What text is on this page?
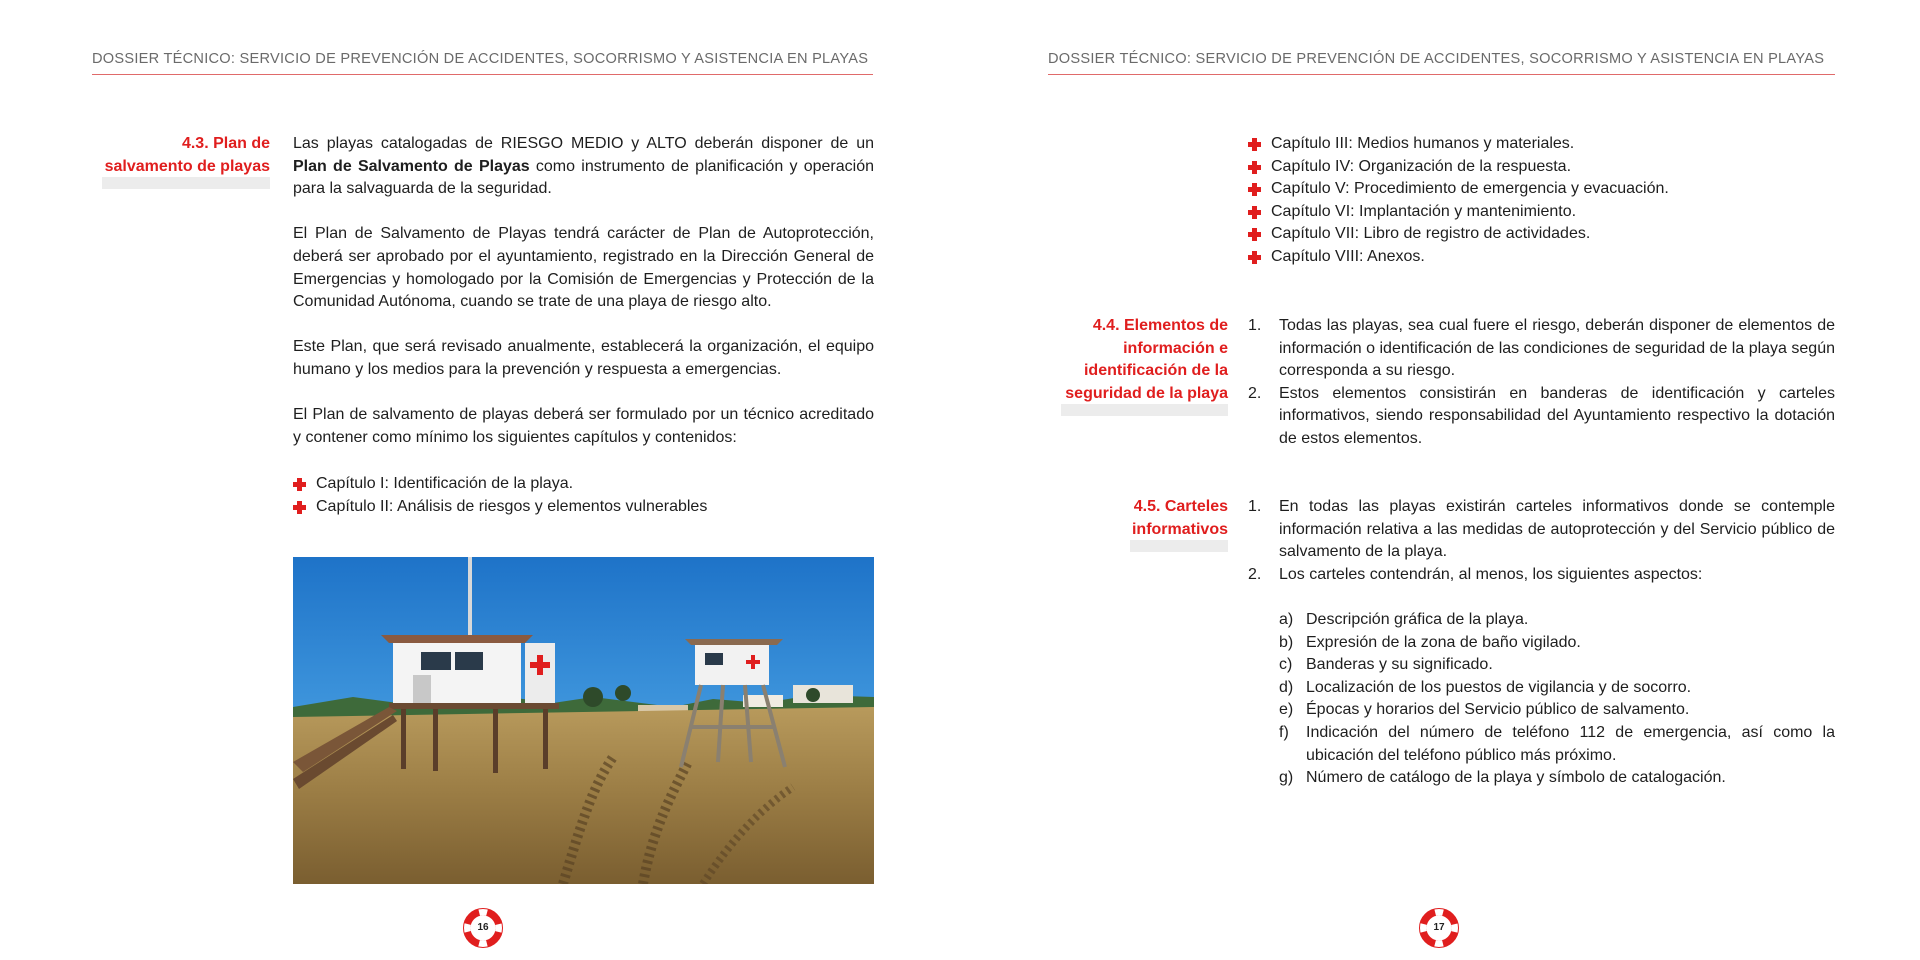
DOSSIER TÉCNICO: SERVICIO DE PREVENCIÓN DE ACCIDENTES, SOCORRISMO Y ASISTENCIA EN PLAYAS
4.3. Plan de
salvamento de playas

Las playas catalogadas de RIESGO MEDIO y ALTO deberán disponer de un Plan de Salvamento de Playas como instrumento de planificación y operación para la salvaguarda de la seguridad.

El Plan de Salvamento de Playas tendrá carácter de Plan de Autoprotección, deberá ser aprobado por el ayuntamiento, registrado en la Dirección General de Emergencias y homologado por la Comisión de Emergencias y Protección de la Comunidad Autónoma, cuando se trate de una playa de riesgo alto.

Este Plan, que será revisado anualmente, establecerá la organización, el equipo humano y los medios para la prevención y respuesta a emergencias.

El Plan de salvamento de playas deberá ser formulado por un técnico acreditado y contener como mínimo los siguientes capítulos y contenidos:

Capítulo I: Identificación de la playa.
Capítulo II: Análisis de riesgos y elementos vulnerables
16
DOSSIER TÉCNICO: SERVICIO DE PREVENCIÓN DE ACCIDENTES, SOCORRISMO Y ASISTENCIA EN PLAYAS
Capítulo III: Medios humanos y materiales.
Capítulo IV: Organización de la respuesta.
Capítulo V: Procedimiento de emergencia y evacuación.
Capítulo VI: Implantación y mantenimiento.
Capítulo VII: Libro de registro de actividades.
Capítulo VIII: Anexos.
4.4. Elementos de
información e
identificación de la
seguridad de la playa
1. Todas las playas, sea cual fuere el riesgo, deberán disponer de elementos de información o identificación de las condiciones de seguridad de la playa según corresponda a su riesgo.
2. Estos elementos consistirán en banderas de identificación y carteles informativos, siendo responsabilidad del Ayuntamiento respectivo la dotación de estos elementos.
4.5. Carteles
informativos
1. En todas las playas existirán carteles informativos donde se contemple información relativa a las medidas de autoprotección y del Servicio público de salvamento de la playa.
2. Los carteles contendrán, al menos, los siguientes aspectos:
a) Descripción gráfica de la playa.
b) Expresión de la zona de baño vigilado.
c) Banderas y su significado.
d) Localización de los puestos de vigilancia y de socorro.
e) Épocas y horarios del Servicio público de salvamento.
f) Indicación del número de teléfono 112 de emergencia, así como la ubicación del teléfono público más próximo.
g) Número de catálogo de la playa y símbolo de catalogación.
17
